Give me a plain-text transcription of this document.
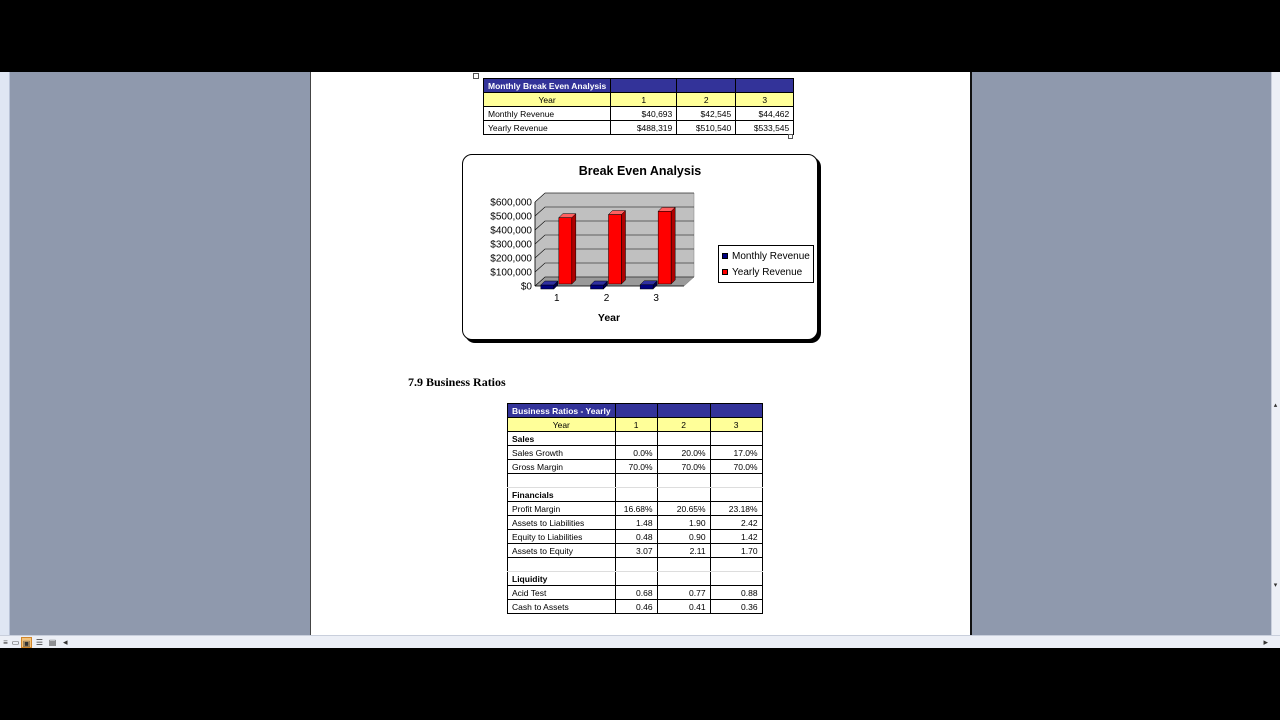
Monthly Break Even Analysis			
Year	1	2	3
Monthly Revenue	$40,693	$42,545	$44,462
Yearly Revenue	$488,319	$510,540	$533,545
Break Even Analysis
$0
$100,000
$200,000
$300,000
$400,000
$500,000
$600,000
1	2	3
Year
Monthly Revenue
Yearly Revenue
7.9 Business Ratios
Business Ratios - Yearly			
Year	1	2	3
Sales			
Sales Growth	0.0%	20.0%	17.0%
Gross Margin	70.0%	70.0%	70.0%

Financials			
Profit Margin	16.68%	20.65%	23.18%
Assets to Liabilities	1.48	1.90	2.42
Equity to Liabilities	0.48	0.90	1.42
Assets to Equity	3.07	2.11	1.70

Liquidity			
Acid Test	0.68	0.77	0.88
Cash to Assets	0.46	0.41	0.36
▴
▾
≡ ▭ ▣ ☰ ▤ ◂	▸
